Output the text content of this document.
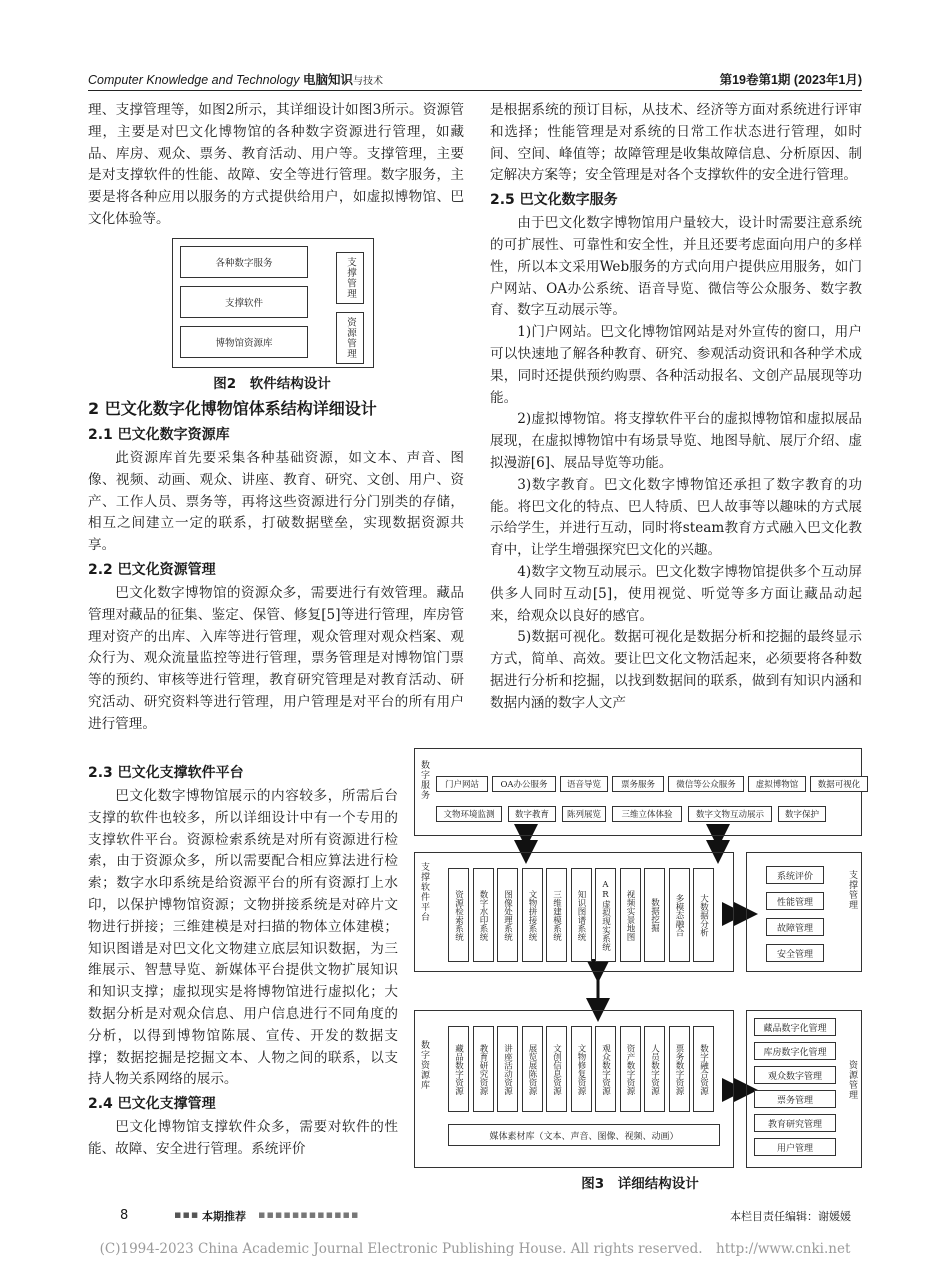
Computer Knowledge and Technology 电脑知识与技术	第19卷第1期 (2023年1月)

理、支撑管理等，如图2所示，其详细设计如图3所示。资源管理，主要是对巴文化博物馆的各种数字资源进行管理，如藏品、库房、观众、票务、教育活动、用户等。支撑管理，主要是对支撑软件的性能、故障、安全等进行管理。数字服务，主要是将各种应用以服务的方式提供给用户，如虚拟博物馆、巴文化体验等。

各种数字服务
支撑软件
博物馆资源库
支撑管理
资源管理
图2　软件结构设计
2 巴文化数字化博物馆体系结构详细设计
2.1 巴文化数字资源库

此资源库首先要采集各种基础资源，如文本、声音、图像、视频、动画、观众、讲座、教育、研究、文创、用户、资产、工作人员、票务等，再将这些资源进行分门别类的存储，相互之间建立一定的联系，打破数据壁垒，实现数据资源共享。

2.2 巴文化资源管理

巴文化数字博物馆的资源众多，需要进行有效管理。藏品管理对藏品的征集、鉴定、保管、修复[5]等进行管理，库房管理对资产的出库、入库等进行管理，观众管理对观众档案、观众行为、观众流量监控等进行管理，票务管理是对博物馆门票等的预约、审核等进行管理，教育研究管理是对教育活动、研究活动、研究资料等进行管理，用户管理是对平台的所有用户进行管理。

2.3 巴文化支撑软件平台

巴文化数字博物馆展示的内容较多，所需后台支撑的软件也较多，所以详细设计中有一个专用的支撑软件平台。资源检索系统是对所有资源进行检索，由于资源众多，所以需要配合相应算法进行检索；数字水印系统是给资源平台的所有资源打上水印，以保护博物馆资源；文物拼接系统是对碎片文物进行拼接；三维建模是对扫描的物体立体建模；知识图谱是对巴文化文物建立底层知识数据，为三维展示、智慧导览、新媒体平台提供文物扩展知识和知识支撑；虚拟现实是将博物馆进行虚拟化；大数据分析是对观众信息、用户信息进行不同角度的分析，以得到博物馆陈展、宣传、开发的数据支撑；数据挖掘是挖掘文本、人物之间的联系，以支持人物关系网络的展示。

2.4 巴文化支撑管理

巴文化博物馆支撑软件众多，需要对软件的性能、故障、安全进行管理。系统评价

是根据系统的预订目标，从技术、经济等方面对系统进行评审和选择；性能管理是对系统的日常工作状态进行管理，如时间、空间、峰值等；故障管理是收集故障信息、分析原因、制定解决方案等；安全管理是对各个支撑软件的安全进行管理。

2.5 巴文化数字服务

由于巴文化数字博物馆用户量较大，设计时需要注意系统的可扩展性、可靠性和安全性，并且还要考虑面向用户的多样性，所以本文采用Web服务的方式向用户提供应用服务，如门户网站、OA办公系统、语音导览、微信等公众服务、数字教育、数字互动展示等。

1)门户网站。巴文化博物馆网站是对外宣传的窗口，用户可以快速地了解各种教育、研究、参观活动资讯和各种学术成果，同时还提供预约购票、各种活动报名、文创产品展现等功能。

2)虚拟博物馆。将支撑软件平台的虚拟博物馆和虚拟展品展现，在虚拟博物馆中有场景导览、地图导航、展厅介绍、虚拟漫游[6]、展品导览等功能。

3)数字教育。巴文化数字博物馆还承担了数字教育的功能。将巴文化的特点、巴人特质、巴人故事等以趣味的方式展示给学生，并进行互动，同时将steam教育方式融入巴文化教育中，让学生增强探究巴文化的兴趣。

4)数字文物互动展示。巴文化数字博物馆提供多个互动屏供多人同时互动[5]，使用视觉、听觉等多方面让藏品动起来，给观众以良好的感官。

5)数据可视化。数据可视化是数据分析和挖掘的最终显示方式，简单、高效。要让巴文化文物活起来，必须要将各种数据进行分析和挖掘，以找到数据间的联系，做到有知识内涵和数据内涵的数字人文产

数字服务	门户网站	OA办公服务	语音导览	票务服务	微信等公众服务	虚拟博物馆	数据可视化
文物环境监测	数字教育	陈列展览	三维立体体验	数字文物互动展示	数字保护
支撑软件平台	资源检索系统	数字水印系统	图像处理系统	文物拼接系统	三维建模系统	知识图谱系统	AR虚拟现实系统	视频实景地图	数据挖掘	多模态融合	大数据分析
支撑管理
系统评价
性能管理
故障管理
安全管理
数字资源库	藏品数字资源	教育研究资源	讲座活动资源	展览展陈资源	文创信息资源	文物修复资源	观众数字资源	资产数字资源	人员数字资源	票务数字资源	数字融合资源
媒体素材库（文本、声音、图像、视频、动画）
资源管理
藏品数字化管理
库房数字化管理
观众数字管理
票务管理
教育研究管理
用户管理
图3　详细结构设计
8	▪▪▪ 本期推荐 ▪▪▪▪▪▪▪▪▪▪▪▪	本栏目责任编辑：谢媛媛
(C)1994-2023 China Academic Journal Electronic Publishing House. All rights reserved.　http://www.cnki.net
